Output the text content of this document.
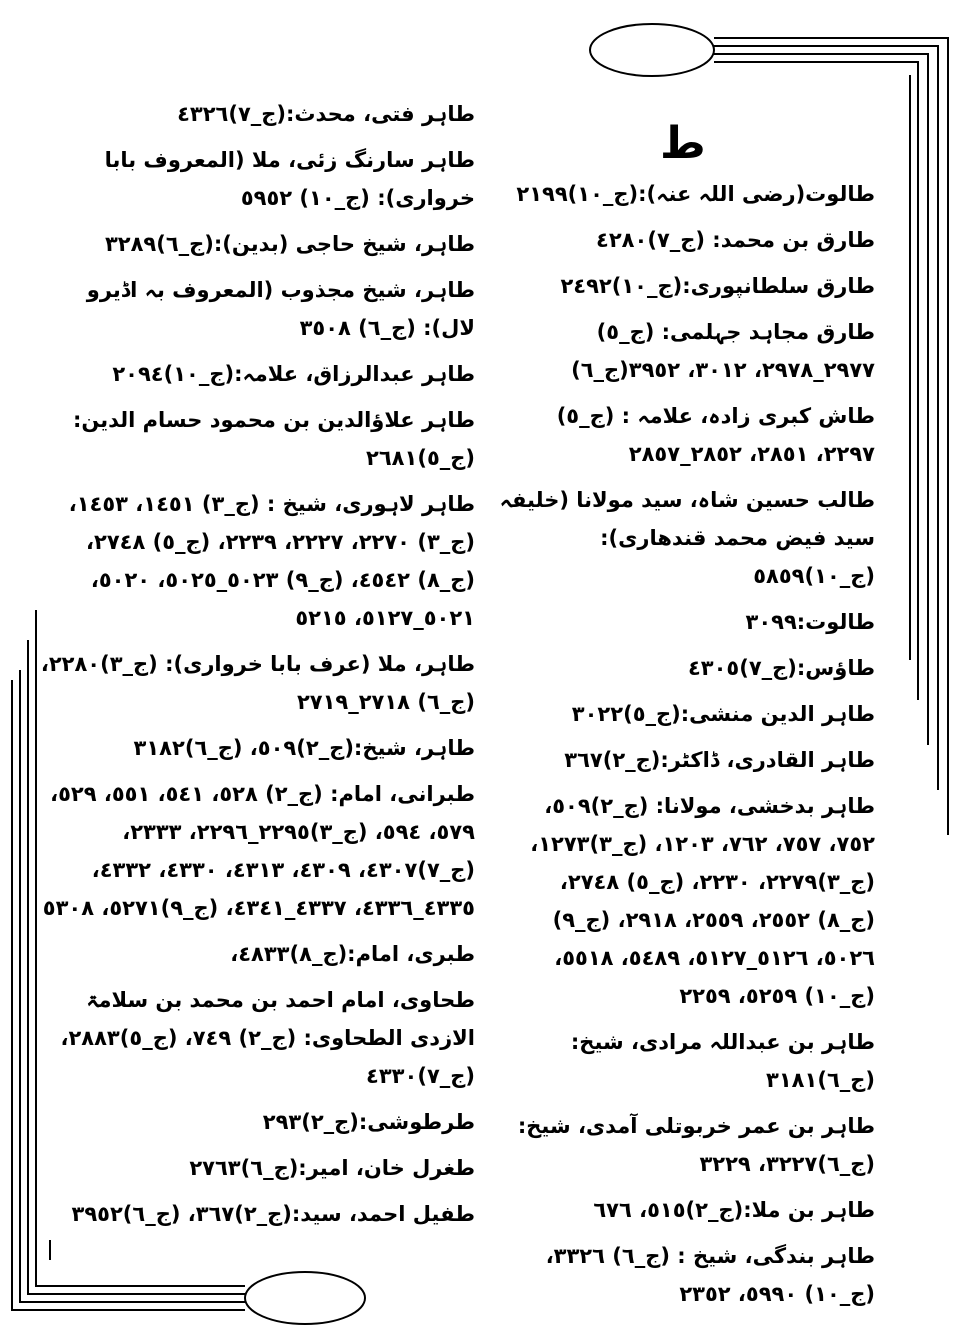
ط
طالوت(رضی اللہ عنہ):(ج_١٠)٢١٩٩
طارق بن محمد: (ج_٧)٤٢٨٠
طارق سلطانپوری:(ج_١٠)٢٤٩٢
طارق مجاہد جہلمی: (ج_٥) ٢٩٧٧_٢٩٧٨، ٣٠١٢، ٣٩٥٢(ج_٦)
طاش کبری زادہ، علامہ : (ج_٥) ٢٢٩٧، ٢٨٥١، ٢٨٥٢_٢٨٥٧
طالب حسین شاہ، سید مولانا (خلیفہ سید فیض محمد قندھاری): (ج_١٠)٥٨٥٩
طالوت:٣٠٩٩
طاؤس:(ج_٧)٤٣٠٥
طاہر الدین منشی:(ج_٥)٣٠٢٢
طاہر القادری، ڈاکٹر:(ج_٢)٣٦٧
طاہر بدخشی، مولانا: (ج_٢)٥٠٩، ٧٥٢، ٧٥٧، ٧٦٢، ١٢٠٣، (ج_٣)١٢٧٣، (ج_٣)٢٢٧٩، ٢٢٣٠، (ج_٥) ٢٧٤٨، (ج_٨) ٢٥٥٢، ٢٥٥٩، ٢٩١٨، (ج_٩) ٥٠٢٦، ٥١٢٦_٥١٢٧، ٥٤٨٩، ٥٥١٨، (ج_١٠) ٥٢٥٩، ٢٢٥٩
طاہر بن عبداللہ مرادی، شیخ:(ج_٦)٣١٨١
طاہر بن عمر خربوتلی آمدی، شیخ:(ج_٦)٣٢٢٧، ٣٢٢٩
طاہر بن ملا:(ج_٢)٥١٥، ٦٧٦
طاہر بندگی، شیخ : (ج_٦) ٣٣٢٦، (ج_١٠) ٥٩٩٠، ٢٣٥٢
طاہر فتی، محدث:(ج_٧)٤٣٢٦
طاہر سارنگ زئی، ملا (المعروف بابا خرواری): (ج_١٠) ٥٩٥٢
طاہر، شیخ حاجی (بدین):(ج_٦)٣٢٨٩
طاہر، شیخ مجذوب (المعروف بہ اڈیرو لال): (ج_٦) ٣٥٠٨
طاہر عبدالرزاق، علامہ:(ج_١٠)٢٠٩٤
طاہر علاؤالدین بن محمود حسام الدین:(ج_٥)٢٦٨١
طاہر لاہوری، شیخ : (ج_٣) ١٤٥١، ١٤٥٣، (ج_٣) ٢٢٧٠، ٢٢٢٧، ٢٢٣٩، (ج_٥) ٢٧٤٨، (ج_٨) ٤٥٤٢، (ج_٩) ٥٠٢٣_٥٠٢٥، ٥٠٢٠، ٥٠٢١_٥١٢٧، ٥٢١٥
طاہر، ملا (عرف بابا خرواری): (ج_٣)٢٢٨٠، (ج_٦) ٢٧١٨_٢٧١٩
طاہر، شیخ:(ج_٢)٥٠٩، (ج_٦)٣١٨٢
طبرانی، امام: (ج_٢) ٥٢٨، ٥٤١، ٥٥١، ٥٢٩، ٥٧٩، ٥٩٤، (ج_٣)٢٢٩٥_٢٢٩٦، ٢٣٣٣، (ج_٧)٤٣٠٧، ٤٣٠٩، ٤٣١٣، ٤٣٣٠، ٤٣٣٢، ٤٣٣٥_٤٣٣٦، ٤٣٣٧_٤٣٤١، (ج_٩)٥٢٧١، ٥٣٠٨
طبری، امام:(ج_٨)٤٨٣٣،
طحاوی، امام احمد بن محمد بن سلامۃ الازدی الطحاوی: (ج_٢) ٧٤٩، (ج_٥)٢٨٨٣، (ج_٧)٤٣٣٠
طرطوشی:(ج_٢)٢٩٣
طغرل خان، امیر:(ج_٦)٢٧٦٣
طفیل احمد، سید:(ج_٢)٣٦٧، (ج_٦)٣٩٥٢
